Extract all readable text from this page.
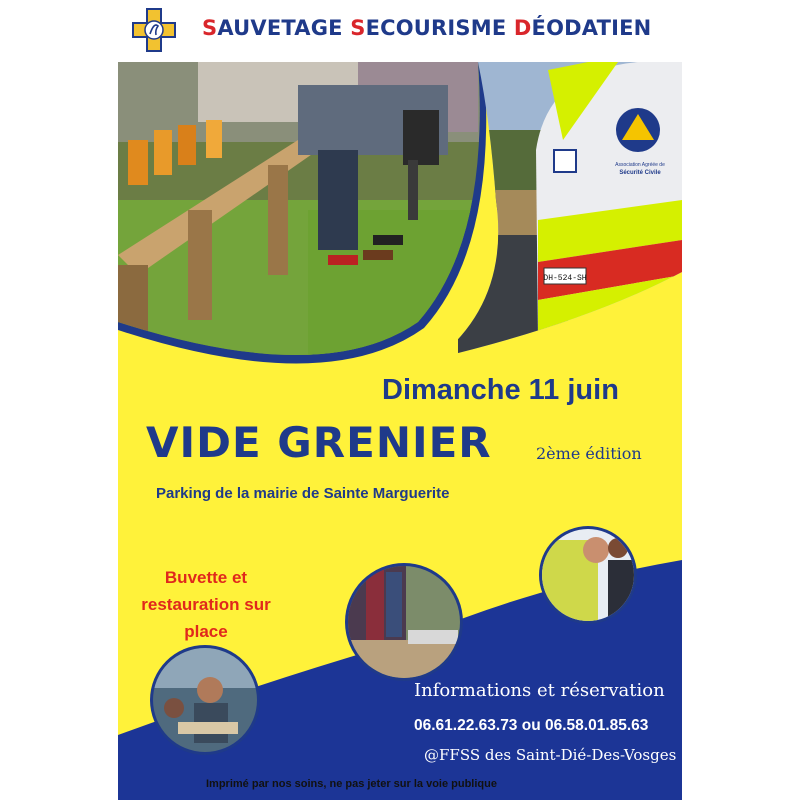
DH-524-SH
Association Agréée de
Sécurité Civile
SAUVETAGE SECOURISME DÉODATIEN
Dimanche 11 juin
VIDE GRENIER	2ème édition
Parking de la mairie de Sainte Marguerite
Buvette et
restauration sur
place
Informations et réservation
06.61.22.63.73 ou 06.58.01.85.63
@FFSS des Saint-Dié-Des-Vosges
Imprimé par nos soins, ne pas jeter sur la voie publique
